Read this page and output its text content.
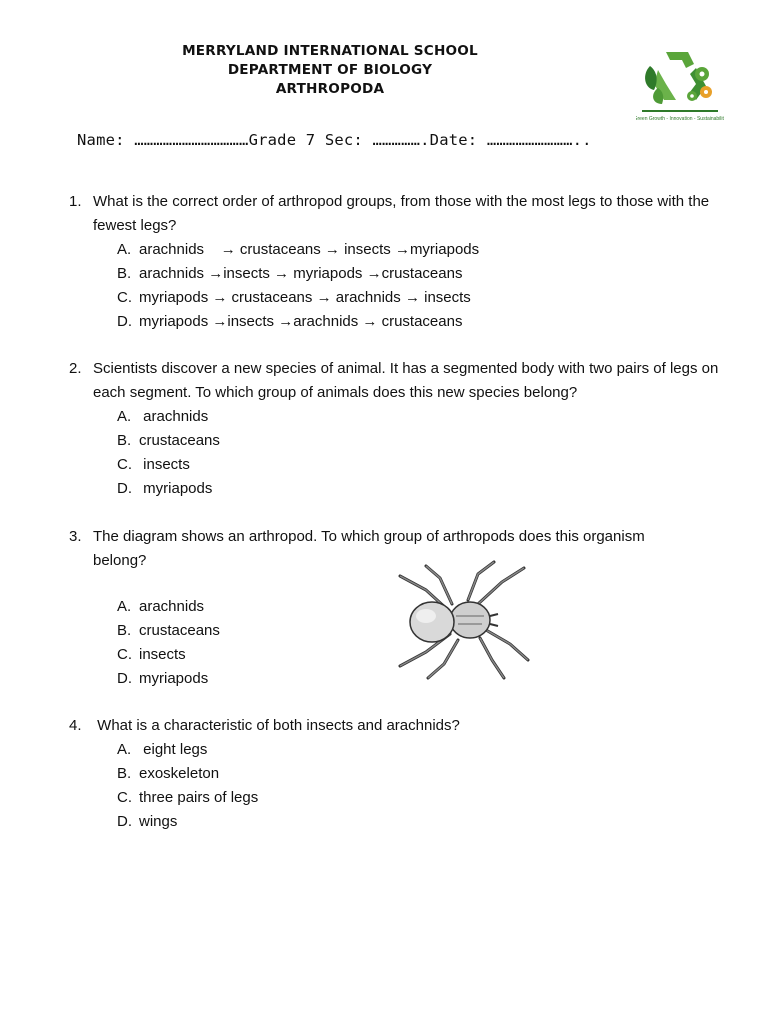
MERRYLAND INTERNATIONAL SCHOOL
DEPARTMENT OF BIOLOGY
ARTHROPODA
Green Growth - Innovation - Sustainability
Name: ………………………………Grade 7 Sec: …………….Date: ………………………..
1. What is the correct order of arthropod groups, from those with the most legs to those with the fewest legs?
A. arachnids    → crustaceans → insects →myriapods
B. arachnids →insects → myriapods →crustaceans
C. myriapods → crustaceans → arachnids → insects
D. myriapods →insects →arachnids → crustaceans
2. Scientists discover a new species of animal. It has a segmented body with two pairs of legs on each segment. To which group of animals does this new species belong?
A. arachnids
B. crustaceans
C. insects
D. myriapods
3. The diagram shows an arthropod. To which group of arthropods does this organism belong?
A. arachnids
B. crustaceans
C. insects
D. myriapods
4. What is a characteristic of both insects and arachnids?
A. eight legs
B. exoskeleton
C. three pairs of legs
D. wings
